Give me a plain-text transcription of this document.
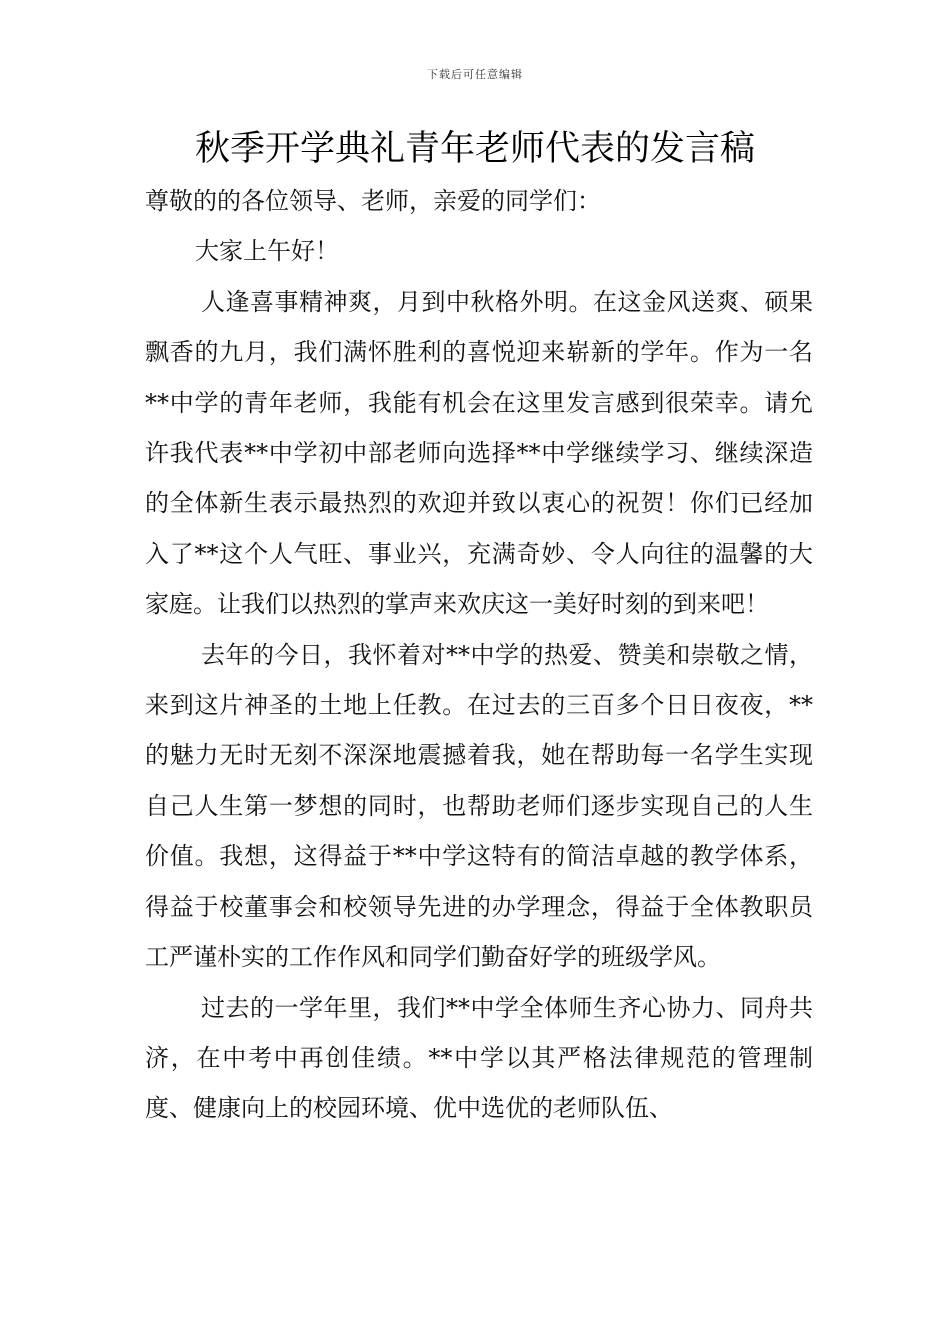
下载后可任意编辑
秋季开学典礼青年老师代表的发言稿

尊敬的的各位领导、老师，亲爱的同学们：

大家上午好！

人逢喜事精神爽，月到中秋格外明。在这金风送爽、硕果飘香的九月，我们满怀胜利的喜悦迎来崭新的学年。作为一名**中学的青年老师，我能有机会在这里发言感到很荣幸。请允许我代表**中学初中部老师向选择**中学继续学习、继续深造的全体新生表示最热烈的欢迎并致以衷心的祝贺！你们已经加入了**这个人气旺、事业兴，充满奇妙、令人向往的温馨的大家庭。让我们以热烈的掌声来欢庆这一美好时刻的到来吧！

去年的今日，我怀着对**中学的热爱、赞美和崇敬之情，来到这片神圣的土地上任教。在过去的三百多个日日夜夜，**的魅力无时无刻不深深地震撼着我，她在帮助每一名学生实现自己人生第一梦想的同时，也帮助老师们逐步实现自己的人生价值。我想，这得益于**中学这特有的简洁卓越的教学体系，得益于校董事会和校领导先进的办学理念，得益于全体教职员工严谨朴实的工作作风和同学们勤奋好学的班级学风。

过去的一学年里，我们**中学全体师生齐心协力、同舟共济，在中考中再创佳绩。**中学以其严格法律规范的管理制度、健康向上的校园环境、优中选优的老师队伍、
